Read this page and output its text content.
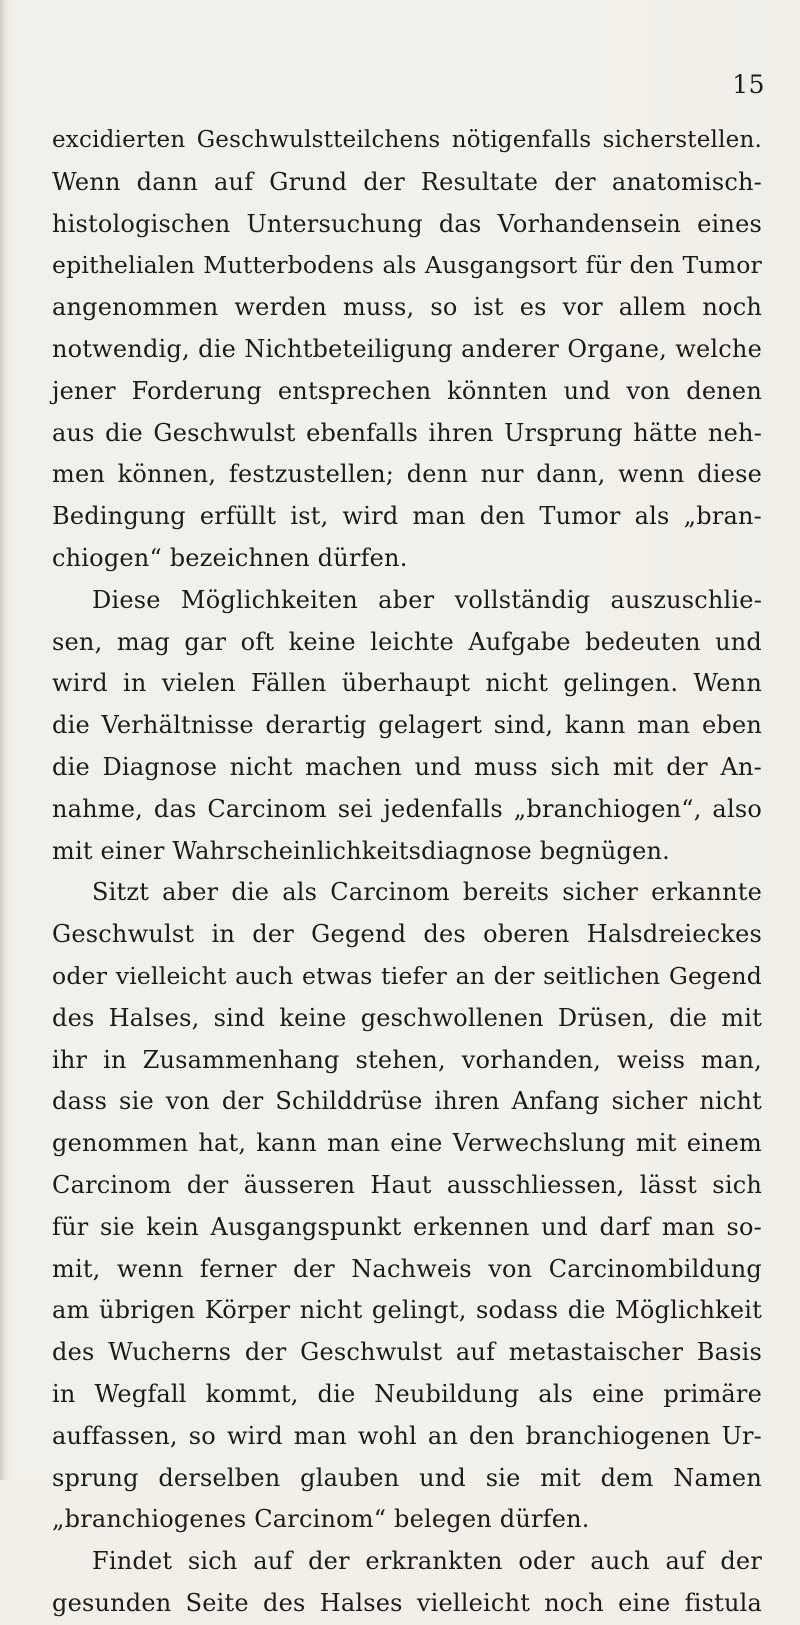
15
excidierten Geschwulstteilchens nötigenfalls sicherstellen.
Wenn dann auf Grund der Resultate der anatomisch-
histologischen Untersuchung das Vorhandensein eines
epithelialen Mutterbodens als Ausgangsort für den Tumor
angenommen werden muss, so ist es vor allem noch
notwendig, die Nichtbeteiligung anderer Organe, welche
jener Forderung entsprechen könnten und von denen
aus die Geschwulst ebenfalls ihren Ursprung hätte neh-
men können, festzustellen; denn nur dann, wenn diese
Bedingung erfüllt ist, wird man den Tumor als „bran-
chiogen“ bezeichnen dürfen.
Diese Möglichkeiten aber vollständig auszuschlie-
sen, mag gar oft keine leichte Aufgabe bedeuten und
wird in vielen Fällen überhaupt nicht gelingen. Wenn
die Verhältnisse derartig gelagert sind, kann man eben
die Diagnose nicht machen und muss sich mit der An-
nahme, das Carcinom sei jedenfalls „branchiogen“, also
mit einer Wahrscheinlichkeitsdiagnose begnügen.
Sitzt aber die als Carcinom bereits sicher erkannte
Geschwulst in der Gegend des oberen Halsdreieckes
oder vielleicht auch etwas tiefer an der seitlichen Gegend
des Halses, sind keine geschwollenen Drüsen, die mit
ihr in Zusammenhang stehen, vorhanden, weiss man,
dass sie von der Schilddrüse ihren Anfang sicher nicht
genommen hat, kann man eine Verwechslung mit einem
Carcinom der äusseren Haut ausschliessen, lässt sich
für sie kein Ausgangspunkt erkennen und darf man so-
mit, wenn ferner der Nachweis von Carcinombildung
am übrigen Körper nicht gelingt, sodass die Möglichkeit
des Wucherns der Geschwulst auf metastaischer Basis
in Wegfall kommt, die Neubildung als eine primäre
auffassen, so wird man wohl an den branchiogenen Ur-
sprung derselben glauben und sie mit dem Namen
„branchiogenes Carcinom“ belegen dürfen.
Findet sich auf der erkrankten oder auch auf der
gesunden Seite des Halses vielleicht noch eine fistula
